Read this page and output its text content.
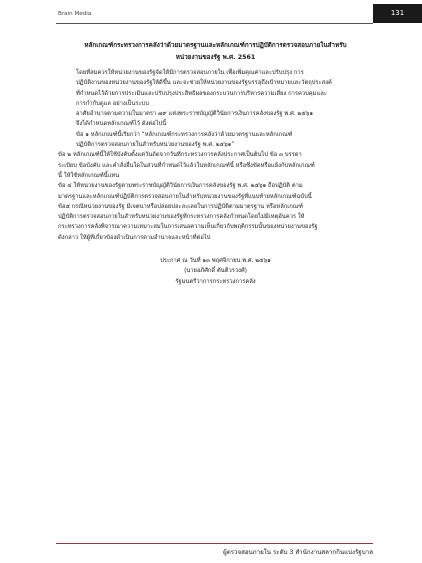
Brain Media	131
หลักเกณฑ์กระทรวงการคลังว่าด้วยมาตรฐานและหลักเกณฑ์การปฏิบัติการตรวจสอบภายในสำหรับ
หน่วยงานของรัฐ พ.ศ. 2561
โดยที่สมควรให้หน่วยงานของรัฐจัดให้มีการตรวจสอบภายใน เพื่อเพิ่มคุณค่าและปรับปรุง การ
ปฏิบัติงานของหน่วยงานของรัฐให้ดีขึ้น และจะช่วยให้หน่วยงานของรัฐบรรลุถึงเป้าหมายและวัตถุประสงค์
ที่กำหนดไว้ด้วยการประเมินและปรับปรุงประสิทธิผลของกระบวนการบริหารความเสี่ยง การควบคุมและ
การกำกับดูแล อย่างเป็นระบบ
อาศัยอำนาจตามความในมาตรา ๗๙ แห่งพระราชบัญญัติวินัยการเงินการคลังของรัฐ พ.ศ. ๒๕๖๑
จึงได้กำหนดหลักเกณฑ์ไว้ ดังต่อไปนี้
ข้อ ๑ หลักเกณฑ์นี้เรียกว่า “หลักเกณฑ์กระทรวงการคลังว่าด้วยมาตรฐานและหลักเกณฑ์
ปฏิบัติการตรวจสอบภายในสำหรับหน่วยงานของรัฐ พ.ศ. ๒๕๖๑”
ข้อ ๒ หลักเกณฑ์นี้ให้ใช้บังคับตั้งแต่วันถัดจากวันที่กระทรวงการคลังประกาศเป็นต้นไป ข้อ ๓ บรรดา
ระเบียบ ข้อบังคับ และคำสั่งอื่นใดในส่วนที่กำหนดไว้แล้วในหลักเกณฑ์นี้ หรือซึ่งขัดหรือแย้งกับหลักเกณฑ์
นี้ ให้ใช้หลักเกณฑ์นี้แทน
ข้อ ๔ ให้หน่วยงานของรัฐตามพระราชบัญญัติวินัยการเงินการคลังของรัฐ พ.ศ. ๒๕๖๑ ถือปฏิบัติ ตาม
มาตรฐานและหลักเกณฑ์ปฏิบัติการตรวจสอบภายในสำหรับหน่วยงานของรัฐที่แนบท้ายหลักเกณฑ์ฉบับนี้
ข้อ๕ กรณีหน่วยงานของรัฐ มีเจตนาหรือปล่อยปละละเลยในการปฏิบัติตามมาตรฐาน หรือหลักเกณฑ์
ปฏิบัติการตรวจสอบภายในสำหรับหน่วยงานของรัฐที่กระทรวงการคลังกำหนดโดยไม่มีเหตุอันควร ให้
กระทรวงการคลังพิจารณาความเหมาะสมในการเสนอความเห็นเกี่ยวกับพฤติกรรมนั้นของหน่วยงานของรัฐ
ดังกล่าว ให้ผู้ที่เกี่ยวข้องดำเนินการตามอำนาจและหน้าที่ต่อไป
ประกาศ ณ วันที่ ๑๓ พฤศจิกายน พ.ศ. ๒๕๖๑
(นายอภิศักดิ์ ตันติวรวงศ์)
รัฐมนตรีว่าการกระทรวงการคลัง
ผู้ตรวจสอบภายใน ระดับ 3 สำนักงานสลากกินแบ่งรัฐบาล
